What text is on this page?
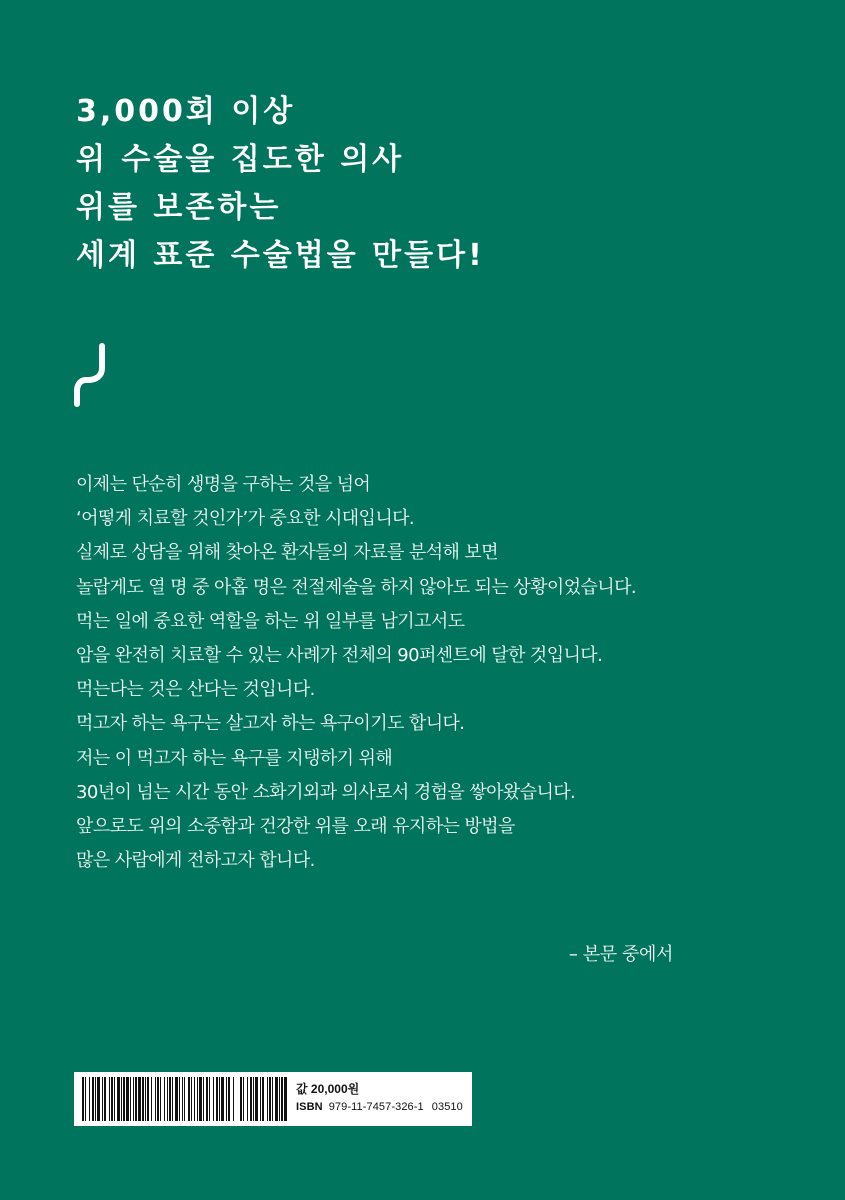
3,000회 이상
위 수술을 집도한 의사
위를 보존하는
세계 표준 수술법을 만들다!
이제는 단순히 생명을 구하는 것을 넘어
‘어떻게 치료할 것인가’가 중요한 시대입니다.
실제로 상담을 위해 찾아온 환자들의 자료를 분석해 보면
놀랍게도 열 명 중 아홉 명은 전절제술을 하지 않아도 되는 상황이었습니다.
먹는 일에 중요한 역할을 하는 위 일부를 남기고서도
암을 완전히 치료할 수 있는 사례가 전체의 90퍼센트에 달한 것입니다.
먹는다는 것은 산다는 것입니다.
먹고자 하는 욕구는 살고자 하는 욕구이기도 합니다.
저는 이 먹고자 하는 욕구를 지탱하기 위해
30년이 넘는 시간 동안 소화기외과 의사로서 경험을 쌓아왔습니다.
앞으로도 위의 소중함과 건강한 위를 오래 유지하는 방법을
많은 사람에게 전하고자 합니다.
– 본문 중에서
값 20,000원
ISBN 979-11-7457-326-1 03510
